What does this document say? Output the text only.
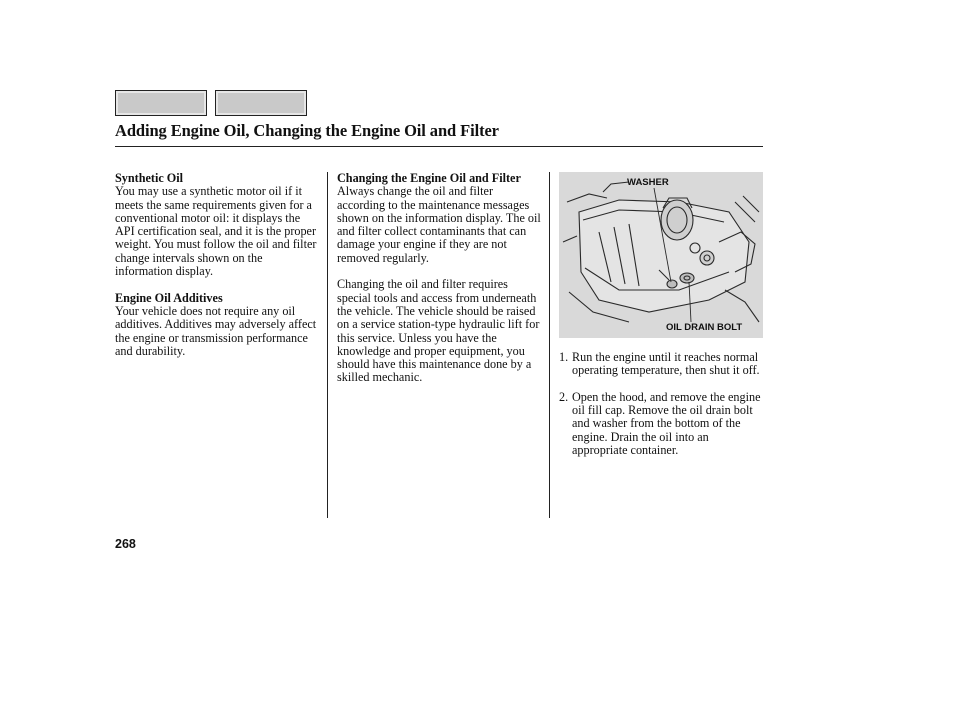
Adding Engine Oil, Changing the Engine Oil and Filter

Synthetic Oil

You may use a synthetic motor oil if it meets the same requirements given for a conventional motor oil: it displays the API certification seal, and it is the proper weight. You must follow the oil and filter change intervals shown on the information display.

Engine Oil Additives

Your vehicle does not require any oil additives. Additives may adversely affect the engine or transmission performance and durability.

Changing the Engine Oil and Filter

Always change the oil and filter according to the maintenance messages shown on the information display. The oil and filter collect contaminants that can damage your engine if they are not removed regularly.

Changing the oil and filter requires special tools and access from underneath the vehicle. The vehicle should be raised on a service station-type hydraulic lift for this service. Unless you have the knowledge and proper equipment, you should have this maintenance done by a skilled mechanic.

WASHER
OIL DRAIN BOLT
1. Run the engine until it reaches normal operating temperature, then shut it off.
2. Open the hood, and remove the engine oil fill cap. Remove the oil drain bolt and washer from the bottom of the engine. Drain the oil into an appropriate container.
268
